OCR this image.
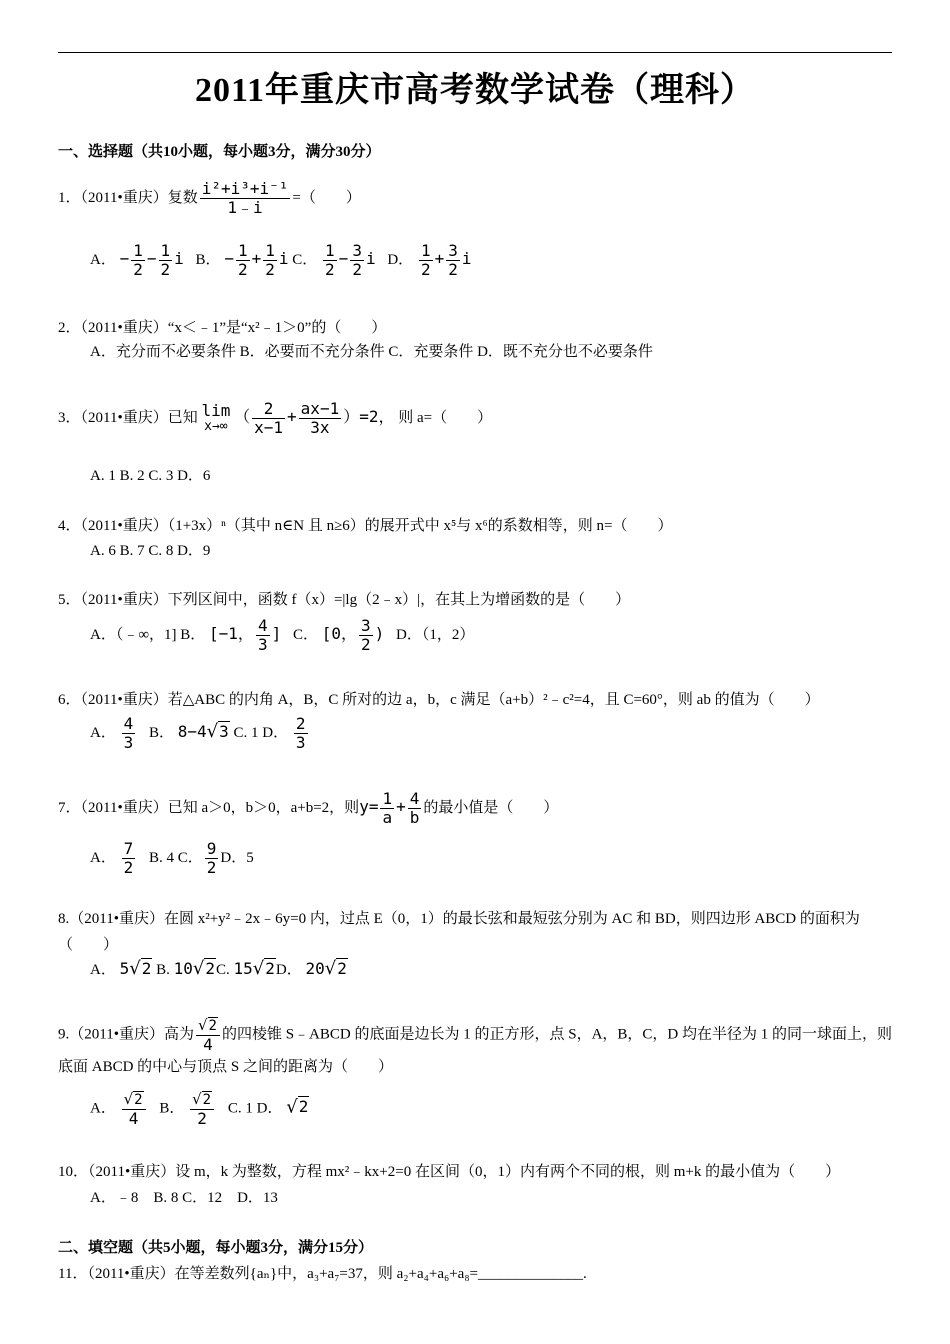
2011年重庆市高考数学试卷（理科）
一、选择题（共10小题，每小题3分，满分30分）
1．（2011•重庆）复数 $\frac{\text{i²+i³+i⁻¹}}{1﹣i}$ =（　　）
A． − $\frac{1}{2} - \frac{1}{2}$ i B． − $\frac{1}{2} + \frac{1}{2}$ i C． $\frac{1}{2} - \frac{3}{2}$ i D． $\frac{1}{2} + \frac{3}{2}$ i
2．（2011•重庆）“x＜﹣1”是“x²﹣1＞0”的（　　）
A．充分而不必要条件 B．必要而不充分条件 C．充要条件 D．既不充分也不必要条件
3．（2011•重庆）已知 lim
x→∞
（ $\frac{2}{x-1} + \frac{ax-1}{3x} )=2$， 则 a=（　　）
A. 1 B. 2 C. 3 D．6
4．（2011•重庆）（1+3x）ⁿ（其中 n∈N 且 n≥6）的展开式中 x⁵与 x⁶的系数相等，则 n=（　　）
A. 6 B. 7 C. 8 D．9
5．（2011•重庆）下列区间中，函数 f（x）=|lg（2﹣x）|，在其上为增函数的是（　　）
A．（﹣∞，1] B． [−1， $\frac{4}{3}$ ] C． [0， $\frac{3}{2}$ ) D．（1，2）
6．（2011•重庆）若△ABC 的内角 A，B，C 所对的边 a，b，c 满足（a+b）²﹣c²=4，且 C=60°，则 ab 的值为（　　）
A． $\frac{4}{3}$ B． 8−4√3 C. 1 D． $\frac{2}{3}$
7．（2011•重庆）已知 a＞0，b＞0，a+b=2，则$y= \frac{1}{a} + \frac{4}{b}$ 的最小值是（　　）
A． $\frac{7}{2} B$. 4 C． $\frac{9}{2}$ D．5
8.（2011•重庆）在圆 x²+y²﹣2x﹣6y=0 内，过点 E（0，1）的最长弦和最短弦分别为 AC 和 BD，则四边形 ABCD 的面积为（　　）
A． 5√2 B. 10√2C. 15√2D． 20√2
9.（2011•重庆）高为 $\frac{√2}{4}$ 的四棱锥 S﹣ABCD 的底面是边长为 1 的正方形，点 S，A，B，C，D 均在半径为 1 的同一球面上，则底面 ABCD 的中心与顶点 S 之间的距离为（　　）
A． $\frac{√2}{4}$ B． $\frac{√2}{2} C$. 1 D． √2
10．（2011•重庆）设 m，k 为整数，方程 mx²﹣kx+2=0 在区间（0，1）内有两个不同的根，则 m+k 的最小值为（　　）
A．﹣8　B. 8 C．12　D．13
二、填空题（共5小题，每小题3分，满分15分）
11．（2011•重庆）在等差数列{aₙ}中，a₃+a₇=37，则 a₂+a₄+a₆+a₈=______________.
